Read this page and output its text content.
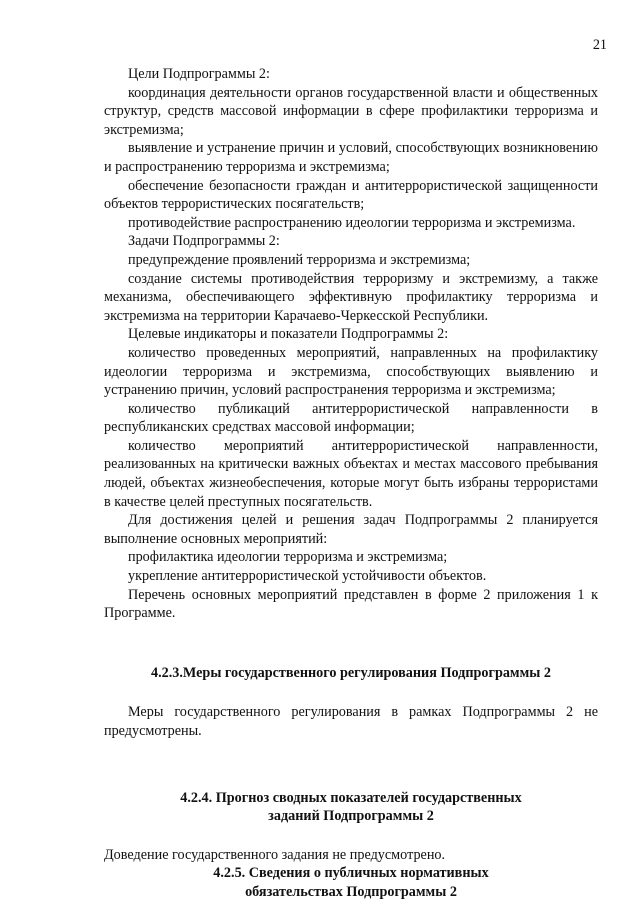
21

Цели Подпрограммы 2:

координация деятельности органов государственной власти и общественных структур, средств массовой информации в сфере профилактики терроризма и экстремизма;

выявление и устранение причин и условий, способствующих возникновению и распространению терроризма и экстремизма;

обеспечение безопасности граждан и антитеррористической защищенности объектов террористических посягательств;

противодействие распространению идеологии терроризма и экстремизма.

Задачи Подпрограммы 2:

предупреждение проявлений терроризма и экстремизма;

создание системы противодействия терроризму и экстремизму, а также механизма, обеспечивающего эффективную профилактику терроризма и экстремизма на территории Карачаево-Черкесской Республики.

Целевые индикаторы и показатели Подпрограммы 2:

количество проведенных мероприятий, направленных на профилактику идеологии терроризма и экстремизма, способствующих выявлению и устранению причин, условий распространения терроризма и экстремизма;

количество публикаций антитеррористической направленности в республиканских средствах массовой информации;

количество мероприятий антитеррористической направленности, реализованных на критически важных объектах и местах массового пребывания людей, объектах жизнеобеспечения, которые могут быть избраны террористами в качестве целей преступных посягательств.

Для достижения целей и решения задач Подпрограммы 2 планируется выполнение основных мероприятий:

профилактика идеологии терроризма и экстремизма;

укрепление антитеррористической устойчивости объектов.

Перечень основных мероприятий представлен в форме 2 приложения 1 к Программе.

4.2.3.Меры государственного регулирования Подпрограммы 2

Меры государственного регулирования в рамках Подпрограммы 2 не предусмотрены.

4.2.4. Прогноз сводных показателей государственных

заданий Подпрограммы 2

Доведение государственного задания не предусмотрено.

4.2.5. Сведения о публичных нормативных

обязательствах Подпрограммы 2
